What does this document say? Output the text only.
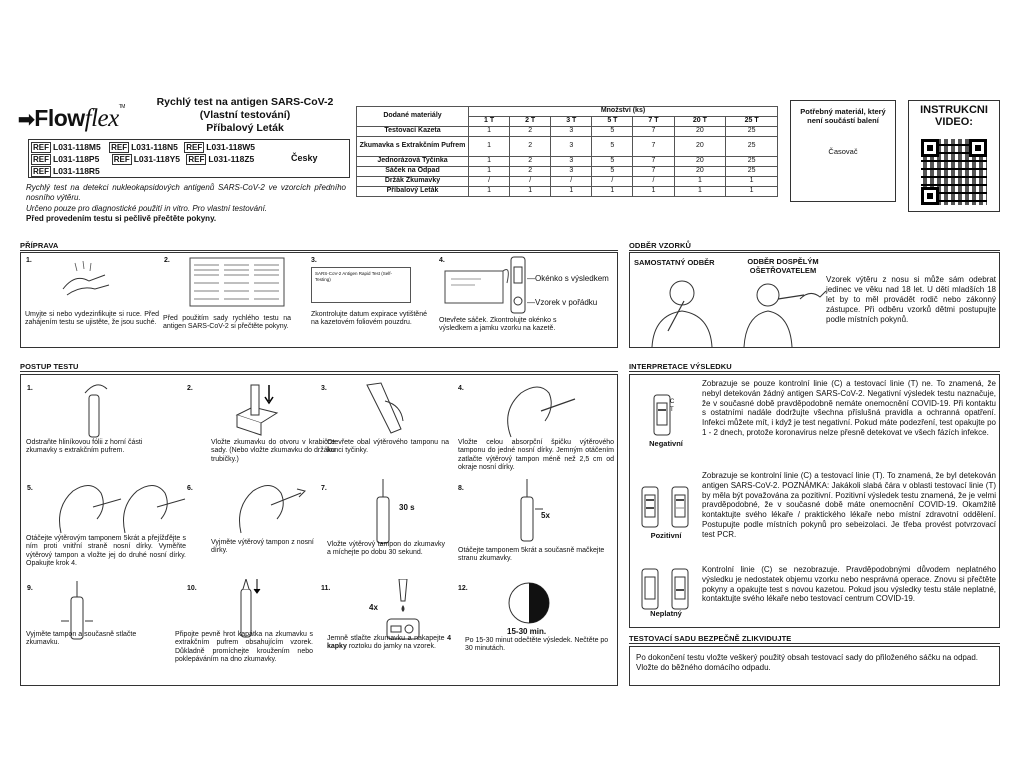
➡Flowflex™	Rychlý test na antigen SARS-CoV-2
(Vlastní testování)
Příbalový Leták
REF L031-118M5 REF L031-118N5 REF L031-118W5
REF L031-118P5 REF L031-118Y5 REF L031-118Z5
REF L031-118R5
Česky
Rychlý test na detekci nukleokapsidových antigenů SARS-CoV-2 ve vzorcích předního nosního výtěru.
Určeno pouze pro diagnostické použití in vitro. Pro vlastní testování.
Před provedením testu si pečlivě přečtěte pokyny.
Dodané materiály	Množství (ks)						
	1 T	2 T	3 T	5 T	7 T	20 T	25 T
Testovací Kazeta	1	2	3	5	7	20	25
Zkumavka s Extrakčním Pufrem	1	2	3	5	7	20	25
Jednorázová Tyčinka	1	2	3	5	7	20	25
Sáček na Odpad	1	2	3	5	7	20	25
Držák Zkumavky	/	/	/	/	/	1	1
Příbalový Leták	1	1	1	1	1	1	1
Potřebný materiál, který není součástí balení
Časovač
INSTRUKCNI VIDEO:
PŘÍPRAVA
1.
Umyjte si nebo vydezinfikujte si ruce. Před zahájením testu se ujistěte, že jsou suché.
2.
Před použitím sady rychlého testu na antigen SARS-CoV-2 si přečtěte pokyny.
3.
SARS-CoV-2 Antigen Rapid Test (Self-Testing)
Zkontrolujte datum expirace vytištěné na kazetovém foliovém pouzdru.
4.
—Okénko s výsledkem
—Vzorek v pořádku
Otevřete sáček. Zkontrolujte okénko s výsledkem a jamku vzorku na kazetě.
ODBĚR VZORKŮ
SAMOSTATNÝ ODBĚR	ODBĚR DOSPĚLÝM OŠETŘOVATELEM
Vzorek výtěru z nosu si může sám odebrat jedinec ve věku nad 18 let. U dětí mladších 18 let by to měl provádět rodič nebo zákonný zástupce. Při odběru vzorků dětmi postupujte podle místních pokynů.
POSTUP TESTU
1.
Odstraňte hliníkovou fólii z horní části zkumavky s extrakčním pufrem.
2.
Vložte zkumavku do otvoru v krabičce sady. (Nebo vložte zkumavku do držáku trubičky.)
3.
Otevřete obal výtěrového tamponu na konci tyčinky.
4.
Vložte celou absorpční špičku výtěrového tamponu do jedné nosní dírky. Jemným otáčením zatlačte výtěrový tampon méně než 2,5 cm od okraje nosní dírky.
5.
Otáčejte výtěrovým tamponem 5krát a přejížďějte s ním proti vnitřní straně nosní dírky. Vyměňte výtěrový tampon a vložte jej do druhé nosní dírky. Opakujte krok 4.
6.
Vyjměte výtěrový tampon z nosní dírky.
7.
30 s
Vložte výtěrový tampon do zkumavky a míchejte po dobu 30 sekund.
8.
5x
Otáčejte tamponem 5krát a současně mačkejte stranu zkumavky.
9.
Vyjměte tampon a současně stlačte zkumavku.
10.
Připojte pevně hrot kapátka na zkumavku s extrakčním pufrem obsahujícím vzorek. Důkladně promíchejte kroužením nebo poklepáváním na dno zkumavky.
11.
4x
Jemně stlačte zkumavku a nakapejte 4 kapky roztoku do jamky na vzorek.
12.
15-30 min.
Po 15-30 minut odečtěte výsledek. Nečtěte po 30 minutách.
INTERPRETACE VÝSLEDKU
C
T
Negativní
Zobrazuje se pouze kontrolní linie (C) a testovací linie (T) ne. To znamená, že nebyl detekován žádný antigen SARS-CoV-2. Negativní výsledek testu naznačuje, že v současné době pravděpodobně nemáte onemocnění COVID-19. Při kontaktu s ostatními nadále dodržujte všechna příslušná pravidla a ochranná opatření. Infekci můžete mít, i když je test negativní. Pokud máte podezření, test opakujte po 1 - 2 dnech, protože koronavirus nelze přesně detekovat ve všech fázích infekce.
Pozitivní
Zobrazuje se kontrolní linie (C) a testovací linie (T). To znamená, že byl detekován antigen SARS-CoV-2. POZNÁMKA: Jakákoli slabá čára v oblasti testovací linie (T) by měla být považována za pozitivní. Pozitivní výsledek testu znamená, že je velmi pravděpodobné, že v současné době máte onemocnění COVID-19. Okamžitě kontaktujte svého lékaře / praktického lékaře nebo místní zdravotní oddělení. Postupujte podle místních pokynů pro sebeizolaci. Je třeba provést potvrzovací test PCR.
Neplatný
Kontrolní linie (C) se nezobrazuje. Pravděpodobnými důvodem neplatného výsledku je nedostatek objemu vzorku nebo nesprávná operace. Znovu si přečtěte pokyny a opakujte test s novou kazetou. Pokud jsou výsledky testu stále neplatné, kontaktujte svého lékaře nebo testovací centrum COVID-19.
TESTOVACÍ SADU BEZPEČNĚ ZLIKVIDUJTE
Po dokončení testu vložte veškerý použitý obsah testovací sady do přiloženého sáčku na odpad. Vložte do běžného domácího odpadu.
